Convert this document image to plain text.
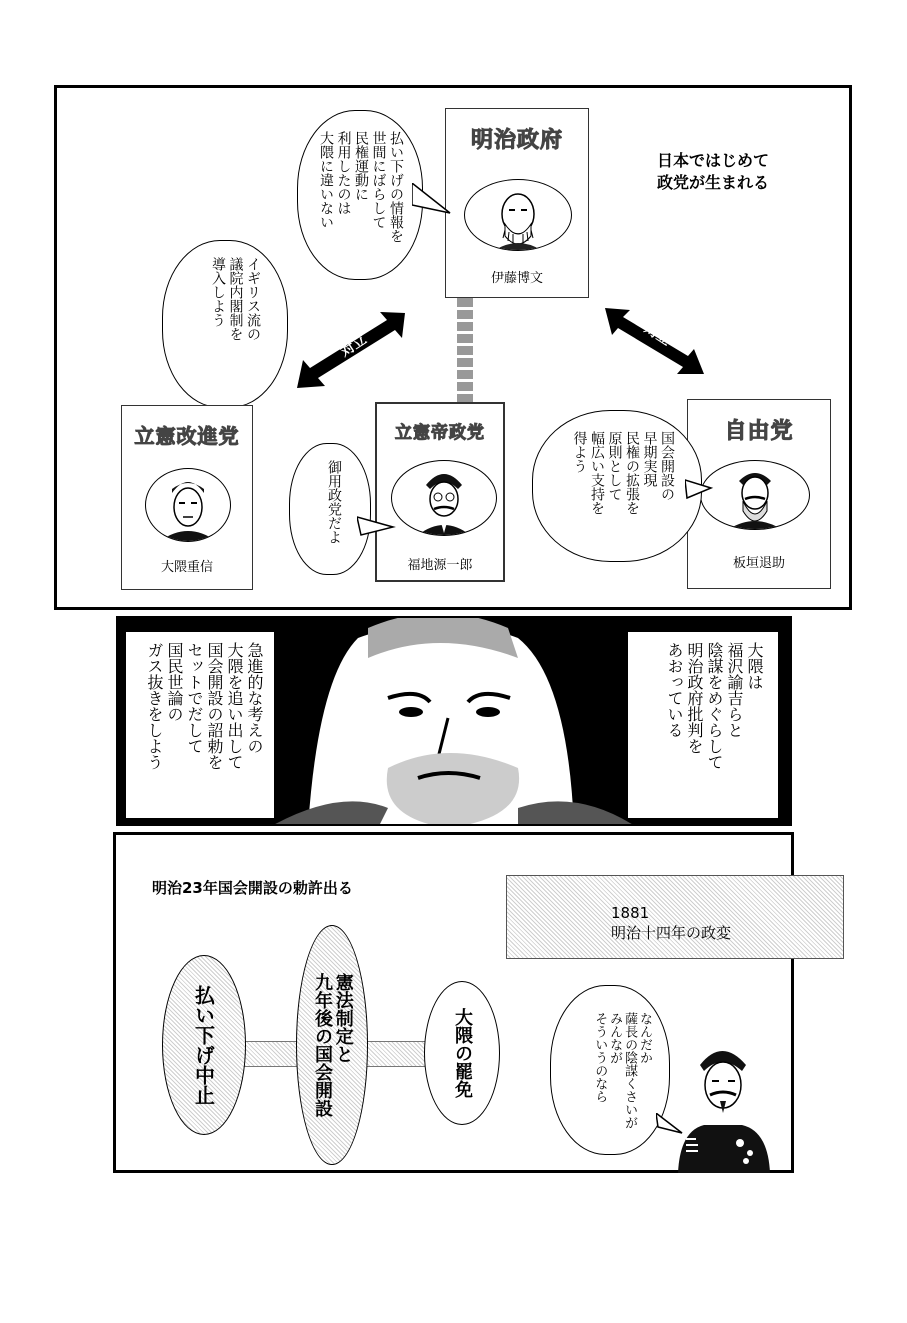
日本ではじめて
政党が生まれる
明治政府
伊藤博文
払い下げの情報を
世間にばらして
民権運動に
利用したのは
大隈に違いない
イギリス流の
議院内閣制を
導入しよう
対立	対立
立憲改進党
大隈重信
立憲帝政党
福地源一郎
自由党
板垣退助
御用政党だよ	国会開設の
早期実現
民権の拡張を
原則として
幅広い支持を
得よう
急進的な考えの
大隈を追い出して
国会開設の詔勅を
セットでだして
国民世論の
ガス抜きをしよう	大隈は
福沢諭吉らと
陰謀をめぐらして
明治政府批判を
あおっている
明治23年国会開設の勅許出る
1881
明治十四年の政変
払い下げ中止	憲法制定と
九年後の国会開設	大隈の罷免	なんだか
薩長の陰謀くさいが
みんなが
そういうのなら
